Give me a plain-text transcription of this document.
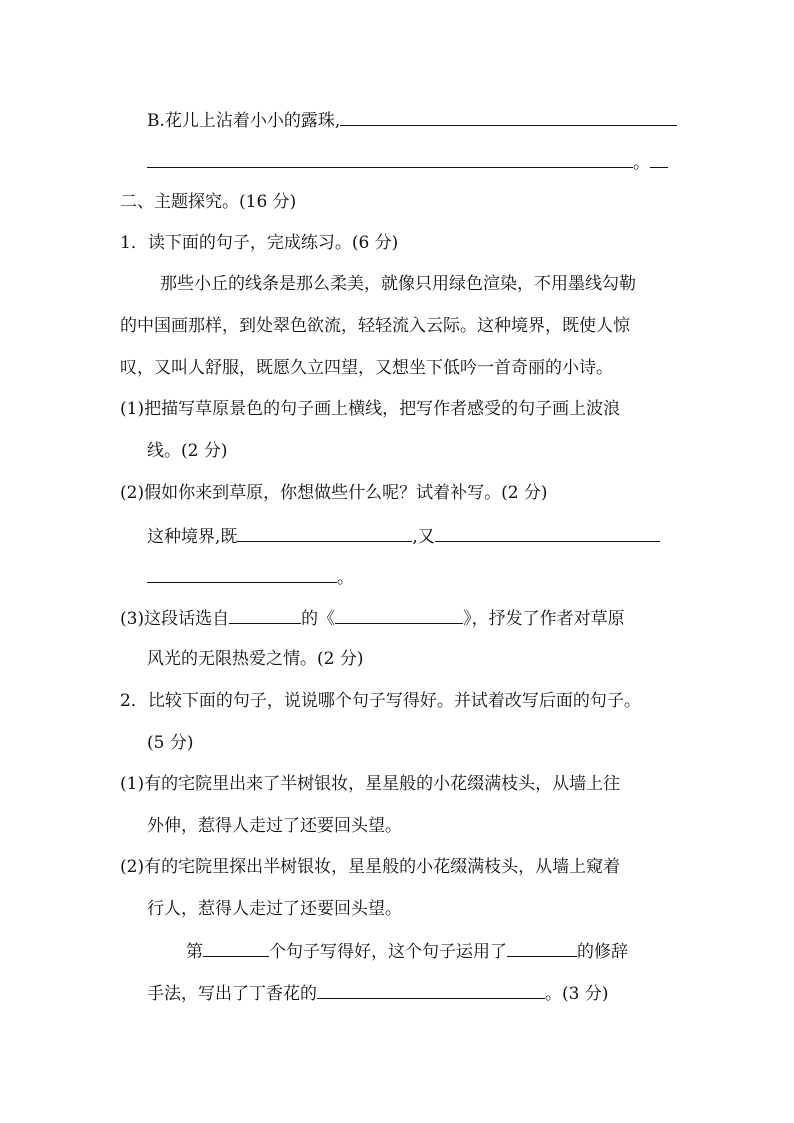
B.花儿上沾着小小的露珠,
。
二、主题探究。(16 分)
1．读下面的句子，完成练习。(6 分)
那些小丘的线条是那么柔美，就像只用绿色渲染，不用墨线勾勒
的中国画那样，到处翠色欲流，轻轻流入云际。这种境界，既使人惊
叹，又叫人舒服，既愿久立四望，又想坐下低吟一首奇丽的小诗。
(1)把描写草原景色的句子画上横线，把写作者感受的句子画上波浪
线。(2 分)
(2)假如你来到草原，你想做些什么呢？试着补写。(2 分)
这种境界,既	,又
。
(3)这段话选自	的《	》，抒发了作者对草原
风光的无限热爱之情。(2 分)
2．比较下面的句子，说说哪个句子写得好。并试着改写后面的句子。
(5 分)
(1)有的宅院里出来了半树银妆，星星般的小花缀满枝头，从墙上往
外伸，惹得人走过了还要回头望。
(2)有的宅院里探出半树银妆，星星般的小花缀满枝头，从墙上窥着
行人，惹得人走过了还要回头望。
第	个句子写得好，这个句子运用了	的修辞
手法，写出了丁香花的	。(3 分)
